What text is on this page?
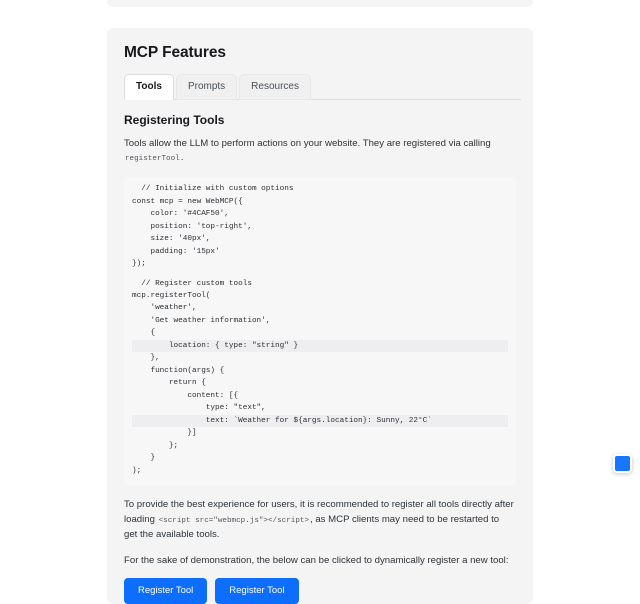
MCP Features
Tools	Prompts	Resources
Registering Tools
Tools allow the LLM to perform actions on your website. They are registered via calling registerTool.
// Initialize with custom options
const mcp = new WebMCP({
color: '#4CAF50',
position: 'top-right',
size: '40px',
padding: '15px'
});
// Register custom tools
mcp.registerTool(
'weather',
'Get weather information',
{
location: { type: "string" }
},
function(args) {
return {
content: [{
type: "text",
text: `Weather for ${args.location}: Sunny, 22°C`
}]
};
}
);
To provide the best experience for users, it is recommended to register all tools directly after loading <script src="webmcp.js"></script>, as MCP clients may need to be restarted to get the available tools.
For the sake of demonstration, the below can be clicked to dynamically register a new tool:
Register Tool	Register Tool
